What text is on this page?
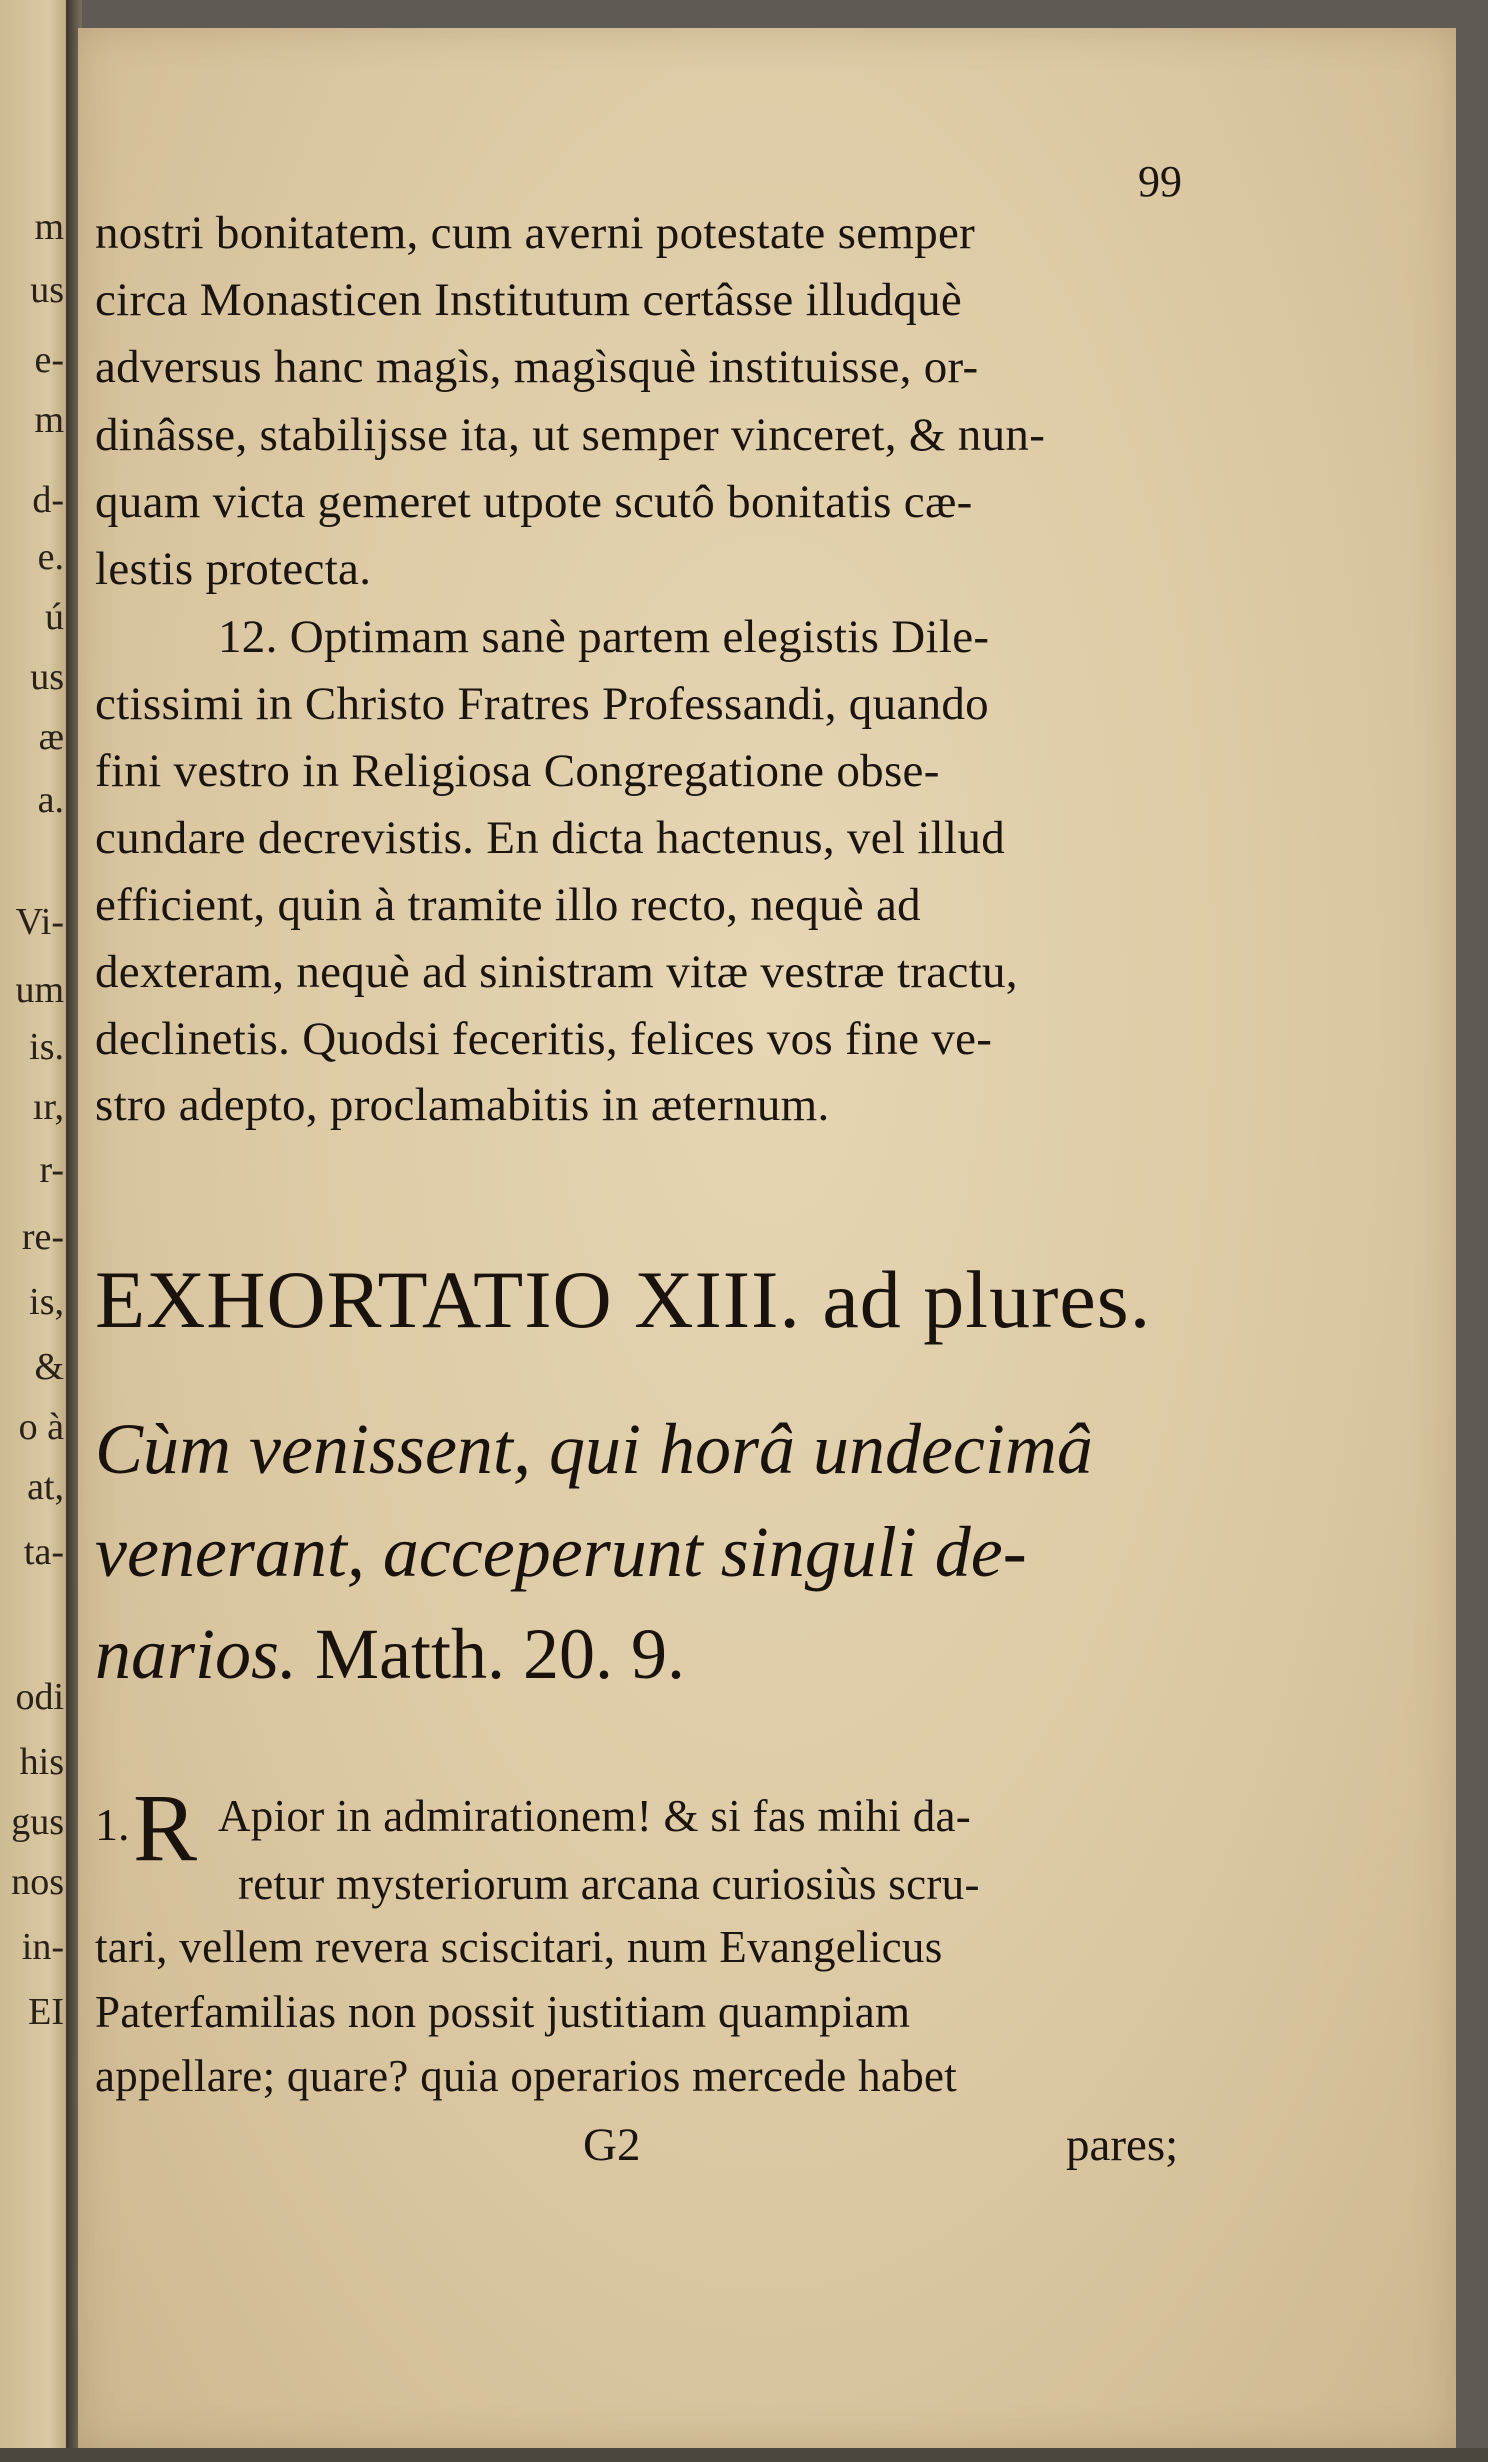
m
us
e-
m
d-
e.
ú
us
æ
a.
Vi-
um
is.
ır,
r-
re-
is,
&
o à
at,
ta-
odi
his
gus
nos
in-
EI
99
nostri bonitatem, cum averni potestate semper
circa Monasticen Institutum certâsse illudquè
adversus hanc magìs, magìsquè instituisse, or-
dinâsse, stabilijsse ita, ut semper vinceret, & nun-
quam victa gemeret utpote scutô bonitatis cæ-
lestis protecta.
12. Optimam sanè partem elegistis Dile-
ctissimi in Christo Fratres Professandi, quando
fini vestro in Religiosa Congregatione obse-
cundare decrevistis. En dicta hactenus, vel illud
efficient, quin à tramite illo recto, nequè ad
dexteram, nequè ad sinistram vitæ vestræ tractu,
declinetis. Quodsi feceritis, felices vos fine ve-
stro adepto, proclamabitis in æternum.
EXHORTATIO XIII. ad plures.
Cùm venissent, qui horâ undecimâ
venerant, acceperunt singuli de-
narios. Matth. 20. 9.
1. R Apior in admirationem! & si fas mihi da-
retur mysteriorum arcana curiosiùs scru-
tari, vellem revera sciscitari, num Evangelicus
Paterfamilias non possit justitiam quampiam
appellare; quare? quia operarios mercede habet
G2	pares;
